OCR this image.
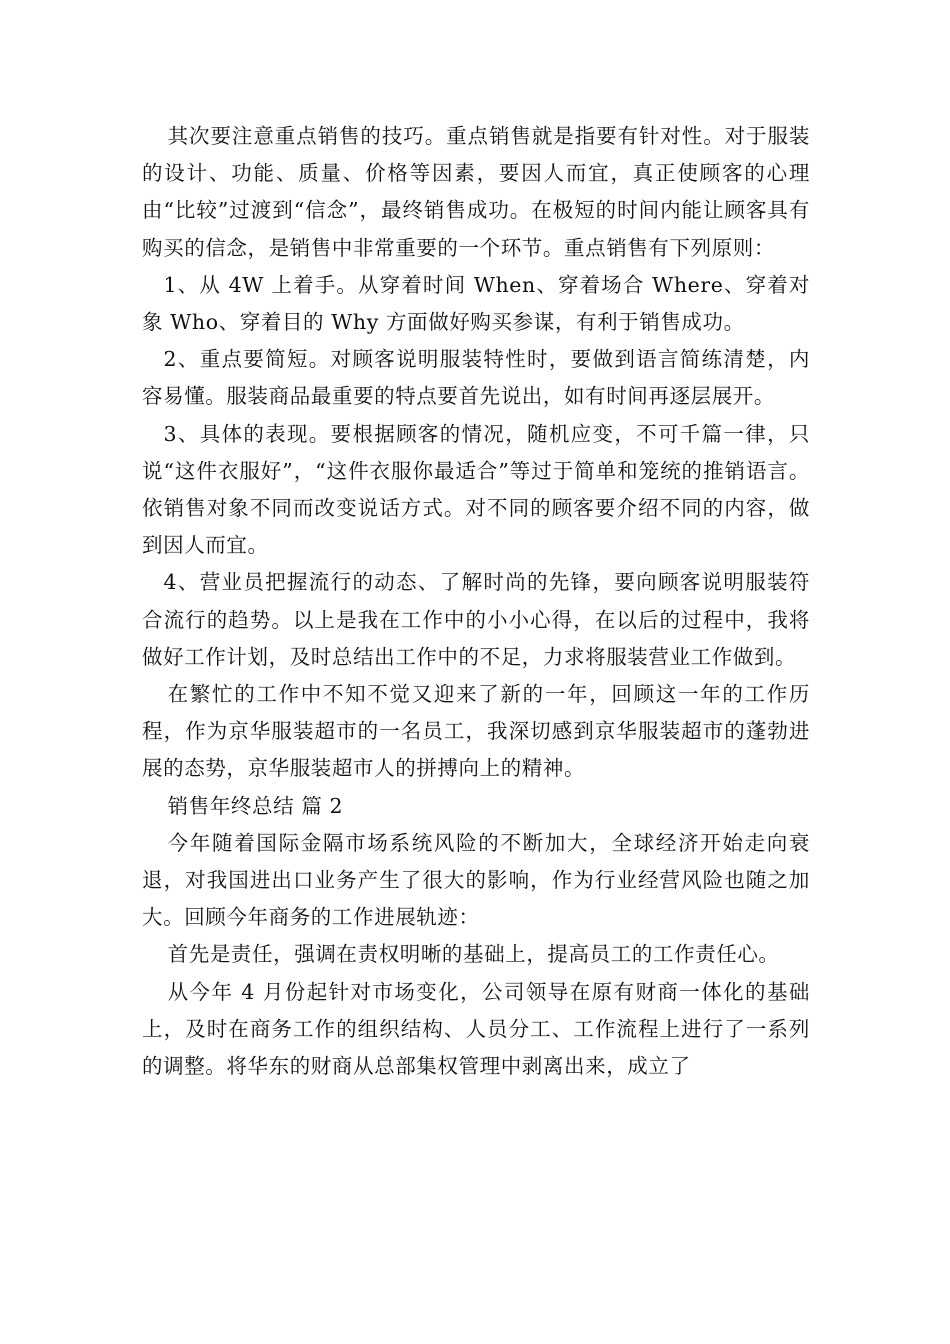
其次要注意重点销售的技巧。重点销售就是指要有针对性。对于服装的设计、功能、质量、价格等因素，要因人而宜，真正使顾客的心理由“比较”过渡到“信念”，最终销售成功。在极短的时间内能让顾客具有购买的信念，是销售中非常重要的一个环节。重点销售有下列原则：

1、从 4W 上着手。从穿着时间 When、穿着场合 Where、穿着对象 Who、穿着目的 Why 方面做好购买参谋，有利于销售成功。

2、重点要简短。对顾客说明服装特性时，要做到语言简练清楚，内容易懂。服装商品最重要的特点要首先说出，如有时间再逐层展开。

3、具体的表现。要根据顾客的情况，随机应变，不可千篇一律，只说“这件衣服好”，“这件衣服你最适合”等过于简单和笼统的推销语言。依销售对象不同而改变说话方式。对不同的顾客要介绍不同的内容，做到因人而宜。

4、营业员把握流行的动态、了解时尚的先锋，要向顾客说明服装符合流行的趋势。以上是我在工作中的小小心得，在以后的过程中，我将做好工作计划，及时总结出工作中的不足，力求将服装营业工作做到。

在繁忙的工作中不知不觉又迎来了新的一年，回顾这一年的工作历程，作为京华服装超市的一名员工，我深切感到京华服装超市的蓬勃进展的态势，京华服装超市人的拼搏向上的精神。

销售年终总结 篇 2

今年随着国际金隔市场系统风险的不断加大，全球经济开始走向衰退，对我国进出口业务产生了很大的影响，作为行业经营风险也随之加大。回顾今年商务的工作进展轨迹：

首先是责任，强调在责权明晰的基础上，提高员工的工作责任心。

从今年 4 月份起针对市场变化，公司领导在原有财商一体化的基础上，及时在商务工作的组织结构、人员分工、工作流程上进行了一系列的调整。将华东的财商从总部集权管理中剥离出来，成立了
